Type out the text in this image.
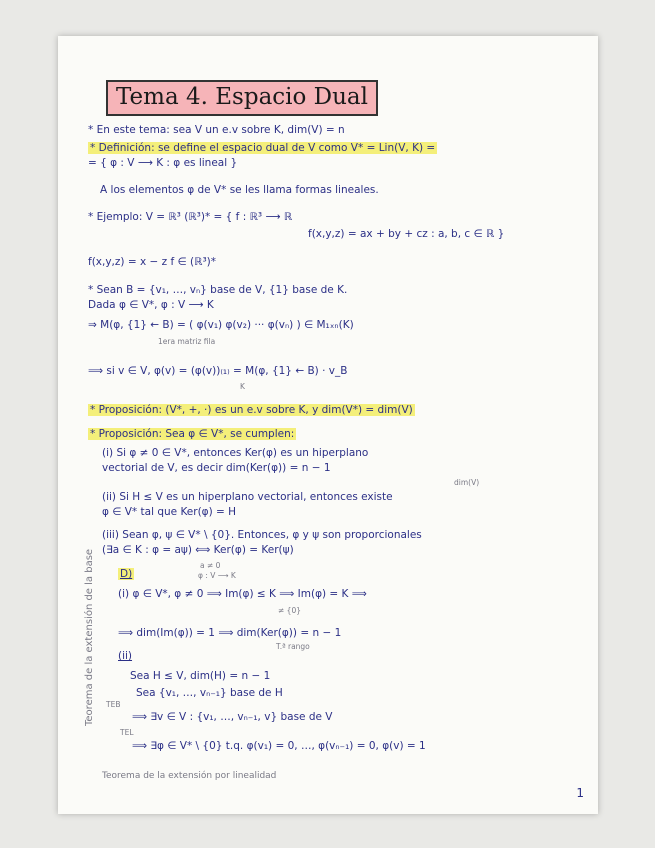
Tema 4. Espacio Dual
* En este tema: sea V un e.v sobre K, dim(V) = n
* Definición: se define el espacio dual de V como V* = Lin(V, K) =
= { φ : V ⟶ K : φ es lineal }
A los elementos φ de V* se les llama formas lineales.
* Ejemplo: V = ℝ³ (ℝ³)* = { f : ℝ³ ⟶ ℝ
f(x,y,z) = ax + by + cz : a, b, c ∈ ℝ }
f(x,y,z) = x − z f ∈ (ℝ³)*
* Sean B = {v₁, …, vₙ} base de V, {1} base de K.
Dada φ ∈ V*, φ : V ⟶ K
⇒ M(φ, {1} ← B) = ( φ(v₁) φ(v₂) ··· φ(vₙ) ) ∈ M₁ₓₙ(K)
1era matriz fila
⟹ si v ∈ V, φ(v) = (φ(v))₍₁₎ = M(φ, {1} ← B) · v_B
K
* Proposición: (V*, +, ·) es un e.v sobre K, y dim(V*) = dim(V)
* Proposición: Sea φ ∈ V*, se cumplen:
(i) Si φ ≠ 0 ∈ V*, entonces Ker(φ) es un hiperplano
vectorial de V, es decir dim(Ker(φ)) = n − 1
dim(V)
(ii) Si H ≤ V es un hiperplano vectorial, entonces existe
φ ∈ V* tal que Ker(φ) = H
(iii) Sean φ, ψ ∈ V* \ {0}. Entonces, φ y ψ son proporcionales
(∃a ∈ K : φ = aψ) ⟺ Ker(φ) = Ker(ψ)
a ≠ 0
φ : V ⟶ K
D)
(i) φ ∈ V*, φ ≠ 0 ⟹ Im(φ) ≤ K ⟹ Im(φ) = K ⟹
≠ {0}
⟹ dim(Im(φ)) = 1 ⟹ dim(Ker(φ)) = n − 1
T.ª rango
(ii)
Sea H ≤ V, dim(H) = n − 1
Sea {v₁, …, vₙ₋₁} base de H
TEB
⟹ ∃v ∈ V : {v₁, …, vₙ₋₁, v} base de V
TEL
⟹ ∃φ ∈ V* \ {0} t.q. φ(v₁) = 0, …, φ(vₙ₋₁) = 0, φ(v) = 1
Teorema de la extensión de la base
Teorema de la extensión por linealidad
1
